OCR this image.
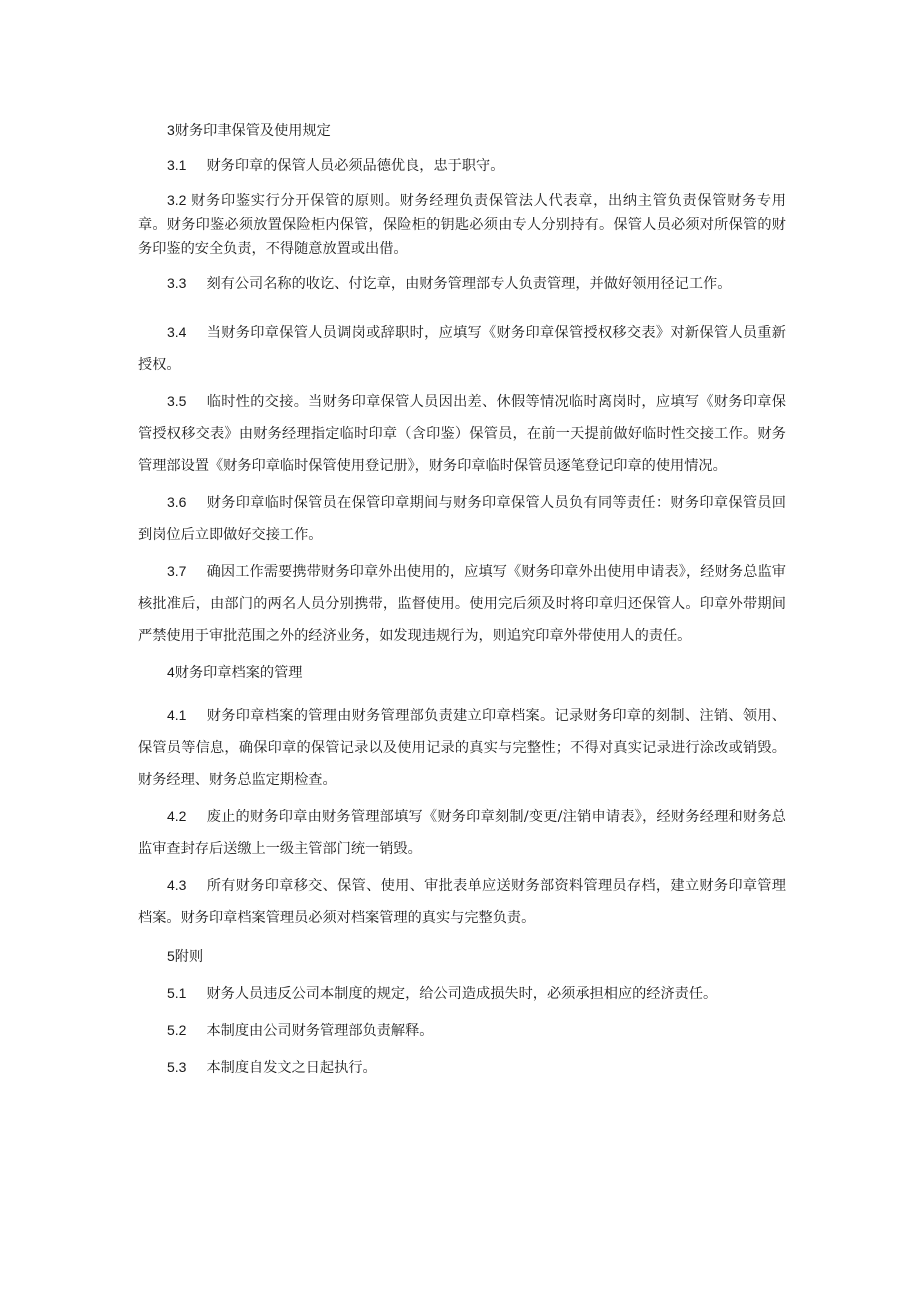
3财务印聿保管及使用规定

3.1 财务印章的保管人员必须品德优良，忠于职守。

3.2 财务印鉴实行分开保管的原则。财务经理负责保管法人代表章，出纳主管负责保管财务专用章。财务印鉴必须放置保险柜内保管，保险柜的钥匙必须由专人分别持有。保管人员必须对所保管的财务印鉴的安全负责，不得随意放置或出借。

3.3 刻有公司名称的收讫、付讫章，由财务管理部专人负责管理，并做好领用径记工作。

3.4 当财务印章保管人员调岗或辞职时，应填写《财务印章保管授权移交表》对新保管人员重新授权。

3.5 临时性的交接。当财务印章保管人员因出差、休假等情况临时离岗时，应填写《财务印章保管授权移交表》由财务经理指定临时印章（含印鉴）保管员，在前一天提前做好临时性交接工作。财务管理部设置《财务印章临时保管使用登记册》，财务印章临时保管员逐笔登记印章的使用情况。

3.6 财务印章临时保管员在保管印章期间与财务印章保管人员负有同等责任：财务印章保管员回到岗位后立即做好交接工作。

3.7 确因工作需要携带财务印章外出使用的，应填写《财务印章外出使用申请表》，经财务总监审核批准后，由部门的两名人员分别携带，监督使用。使用完后须及时将印章归还保管人。印章外带期间严禁使用于审批范围之外的经济业务，如发现违规行为，则追究印章外带使用人的责任。

4财务印章档案的管理

4.1 财务印章档案的管理由财务管理部负责建立印章档案。记录财务印章的刻制、注销、领用、保管员等信息，确保印章的保管记录以及使用记录的真实与完整性；不得对真实记录进行涂改或销毁。财务经理、财务总监定期检查。

4.2 废止的财务印章由财务管理部填写《财务印章刻制/变更/注销申请表》，经财务经理和财务总监审查封存后送缴上一级主管部门统一销毁。

4.3 所有财务印章移交、保管、使用、审批表单应送财务部资料管理员存档，建立财务印章管理档案。财务印章档案管理员必须对档案管理的真实与完整负责。

5附则

5.1 财务人员违反公司本制度的规定，给公司造成损失时，必须承担相应的经济责任。

5.2 本制度由公司财务管理部负责解释。

5.3 本制度自发文之日起执行。
